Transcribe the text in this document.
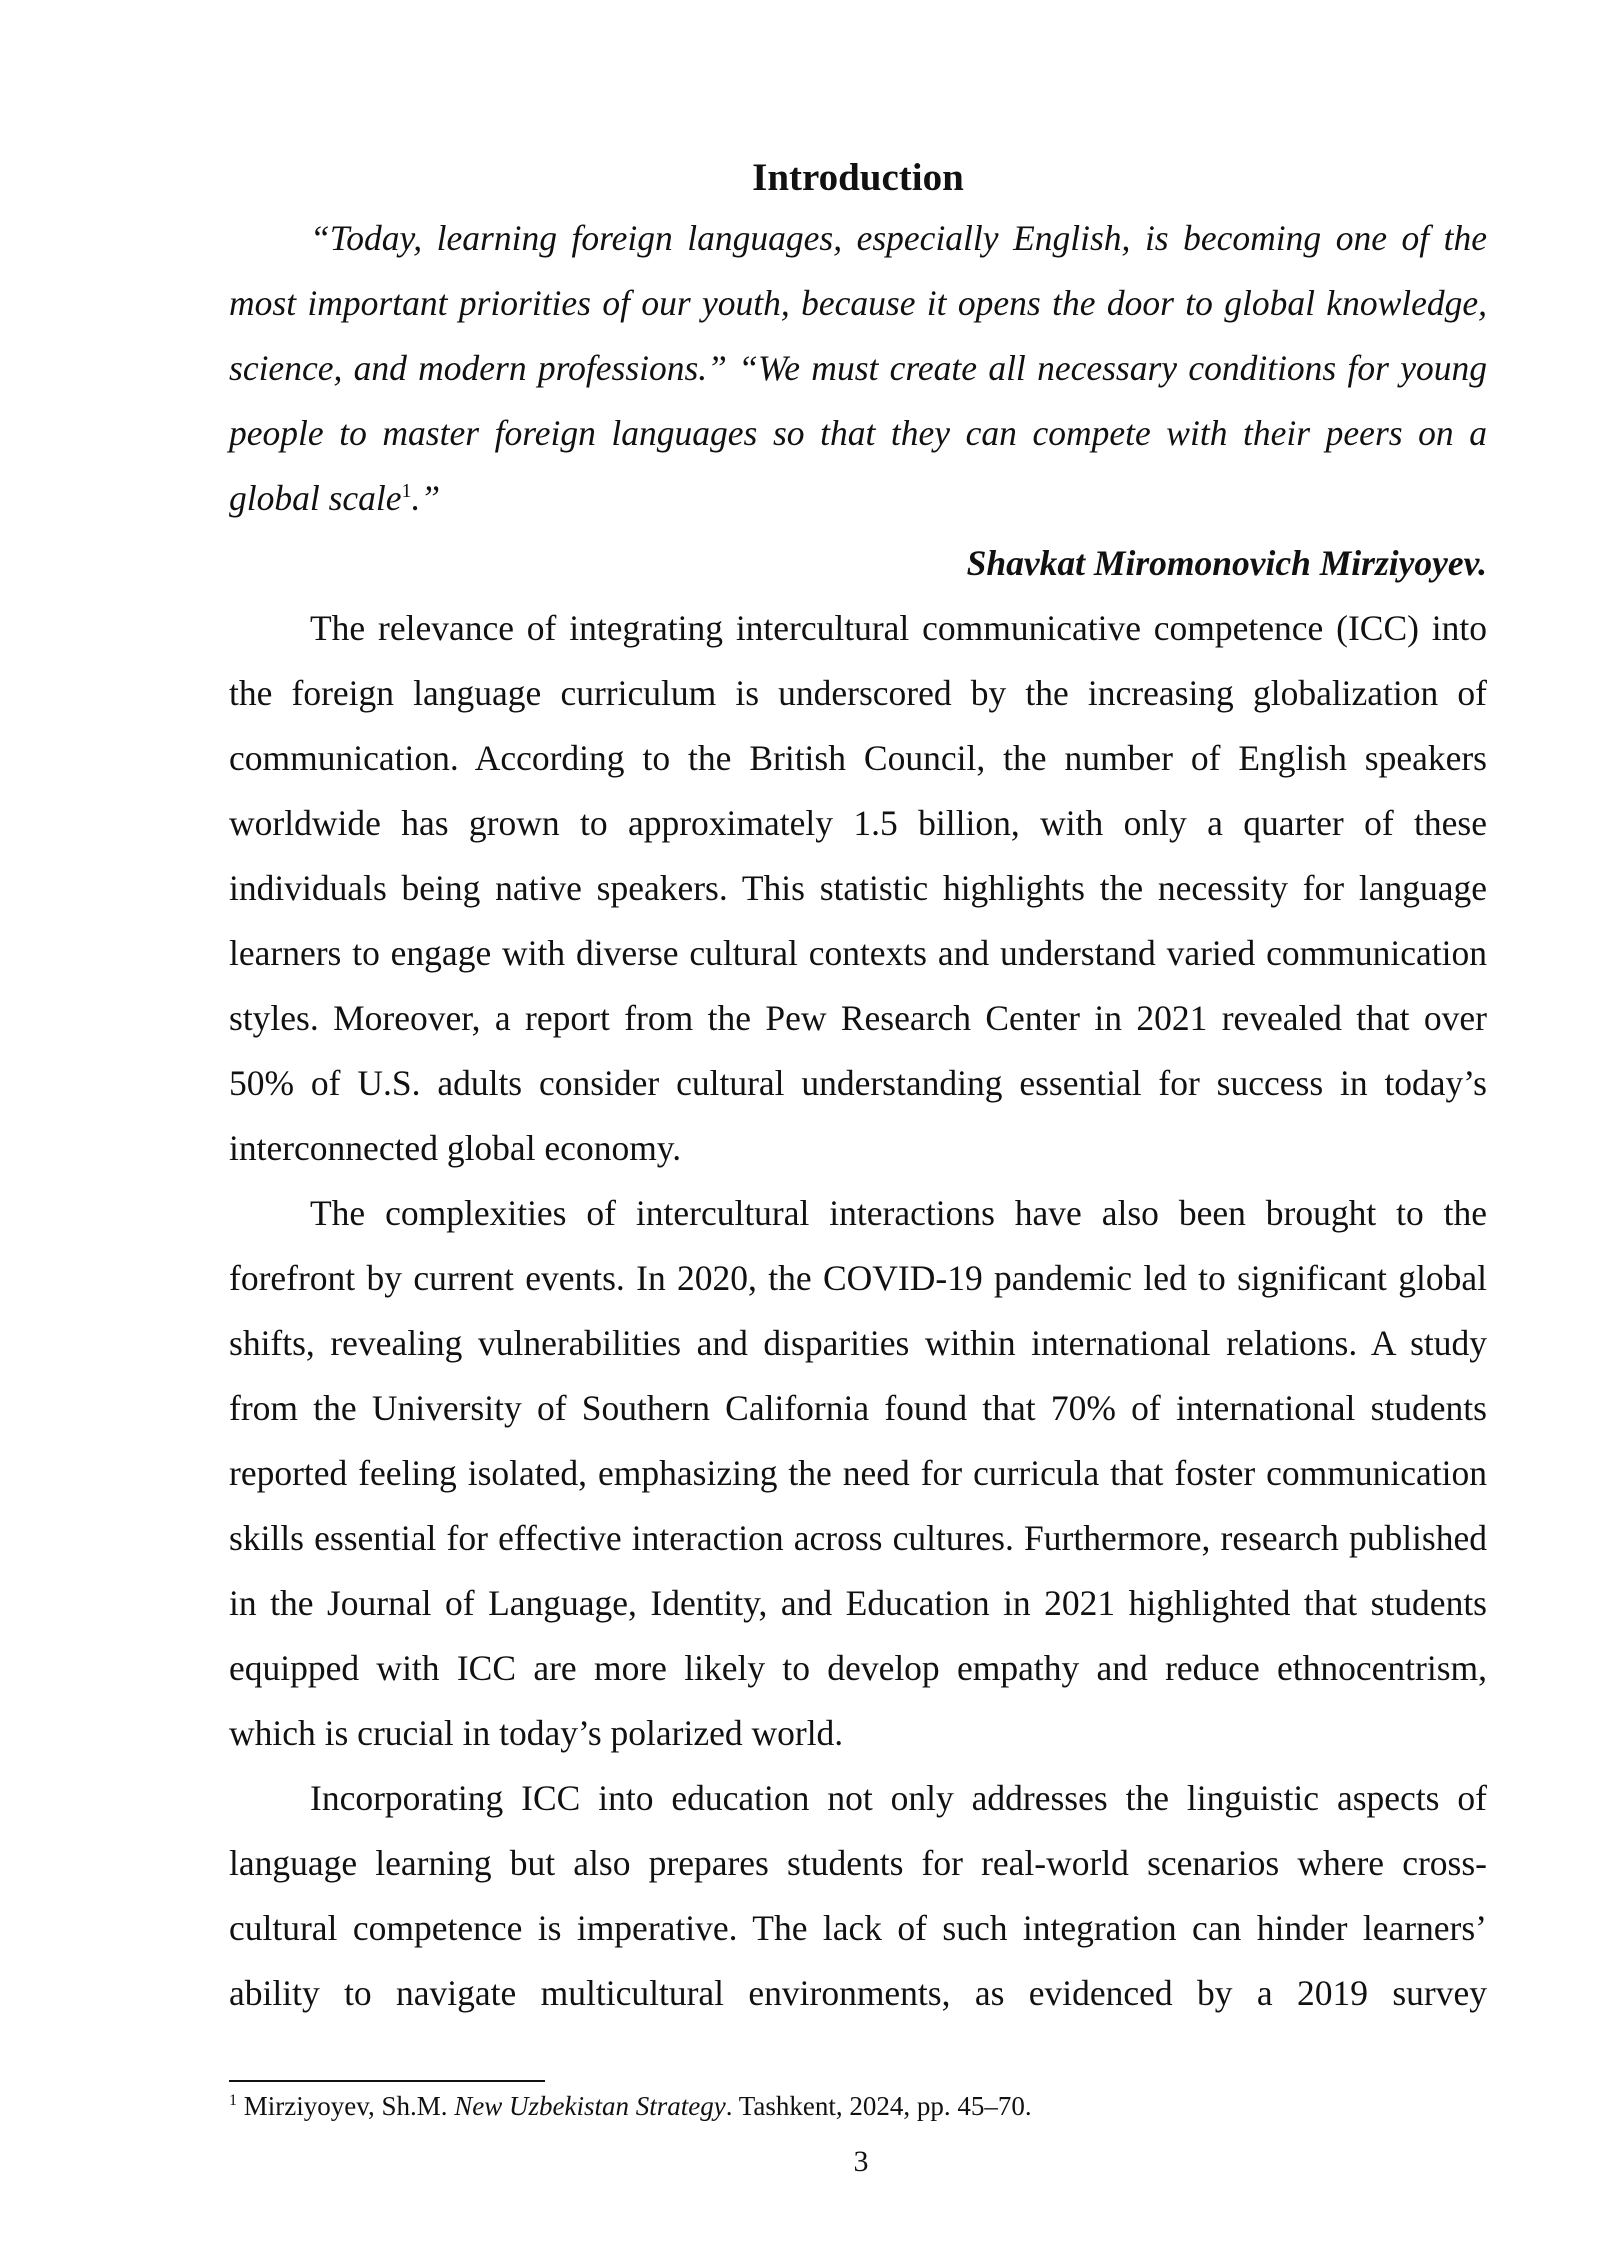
Introduction

“Today, learning foreign languages, especially English, is becoming one of the most important priorities of our youth, because it opens the door to global knowledge, science, and modern professions.” “We must create all necessary conditions for young people to master foreign languages so that they can compete with their peers on a global scale$^1$.”

Shavkat Miromonovich Mirziyoyev.

The relevance of integrating intercultural communicative competence (ICC) into the foreign language curriculum is underscored by the increasing globalization of communication. According to the British Council, the number of English speakers worldwide has grown to approximately 1.5 billion, with only a quarter of these individuals being native speakers. This statistic highlights the necessity for language learners to engage with diverse cultural contexts and understand varied communication styles. Moreover, a report from the Pew Research Center in 2021 revealed that over 50% of U.S. adults consider cultural understanding essential for success in today’s interconnected global economy.

The complexities of intercultural interactions have also been brought to the forefront by current events. In 2020, the COVID-19 pandemic led to significant global shifts, revealing vulnerabilities and disparities within international relations. A study from the University of Southern California found that 70% of international students reported feeling isolated, emphasizing the need for curricula that foster communication skills essential for effective interaction across cultures. Furthermore, research published in the Journal of Language, Identity, and Education in 2021 highlighted that students equipped with ICC are more likely to develop empathy and reduce ethnocentrism, which is crucial in today’s polarized world.

Incorporating ICC into education not only addresses the linguistic aspects of language learning but also prepares students for real-world scenarios where cross-cultural competence is imperative. The lack of such integration can hinder learners’ ability to navigate multicultural environments, as evidenced by a 2019 survey

$^1$ Mirziyoyev, Sh.M. New Uzbekistan Strategy. Tashkent, 2024, pp. 45–70.

3
